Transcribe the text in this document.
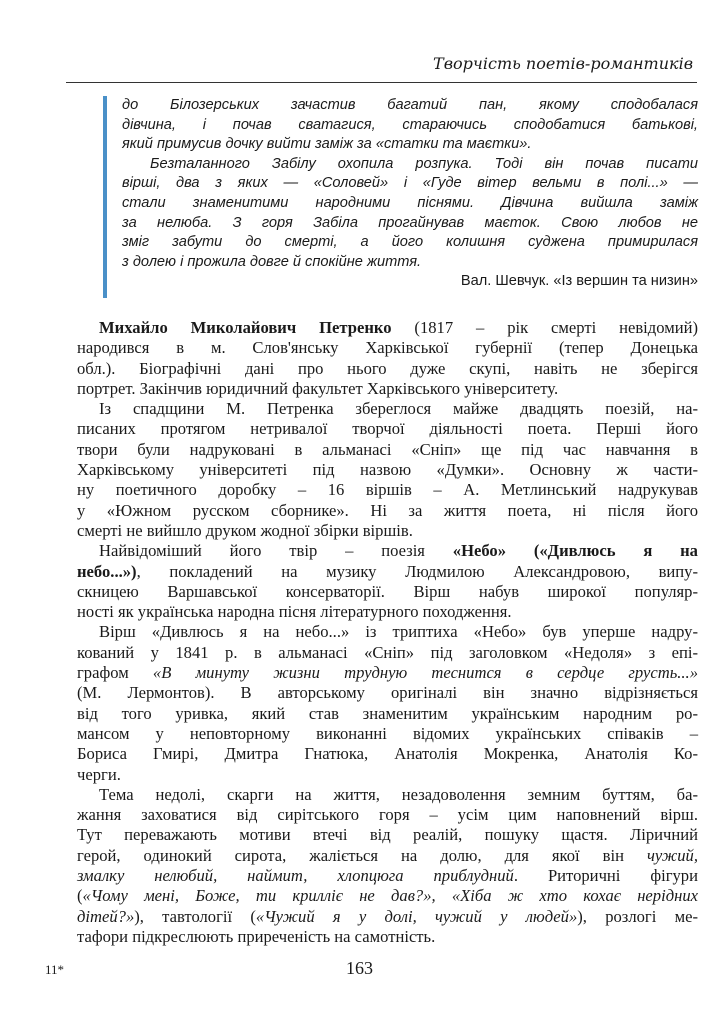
Творчість поетів-романтиків
до Білозерських зачастив багатий пан, якому сподобалася
дівчина, і почав сватагися, стараючись сподобатися батькові,
який примусив дочку вийти заміж за «статки та маєтки».
Безталанного Забілу охопила розпука. Тоді він почав писати
вірші, два з яких — «Соловей» і «Гуде вітер вельми в полі...» —
стали знаменитими народними піснями. Дівчина вийшла заміж
за нелюба. З горя Забіла прогайнував маєток. Свою любов не
зміг забути до смерті, а його колишня суджена примирилася
з долею і прожила довге й спокійне життя.
Вал. Шевчук. «Із вершин та низин»
Михайло Миколайович Петренко (1817 – рік смерті невідомий)
народився в м. Слов'янську Харківської губернії (тепер Донецька
обл.). Біографічні дані про нього дуже скупі, навіть не зберігся
портрет. Закінчив юридичний факультет Харківського університету.
Із спадщини М. Петренка збереглося майже двадцять поезій, на-
писаних протягом нетривалої творчої діяльності поета. Перші його
твори були надруковані в альманасі «Сніп» ще під час навчання в
Харківському університеті під назвою «Думки». Основну ж части-
ну поетичного доробку – 16 віршів – А. Метлинський надрукував
у «Южном русском сборнике». Ні за життя поета, ні після його
смерті не вийшло друком жодної збірки віршів.
Найвідоміший його твір – поезія «Небо» («Дивлюсь я на
небо...»), покладений на музику Людмилою Александровою, випу-
скницею Варшавської консерваторії. Вірш набув широкої популяр-
ності як українська народна пісня літературного походження.
Вірш «Дивлюсь я на небо...» із триптиха «Небо» був уперше надру-
кований у 1841 р. в альманасі «Сніп» під заголовком «Недоля» з епі-
графом «В минуту жизни трудную теснится в сердце грусть...»
(М. Лермонтов). В авторському оригіналі він значно відрізняється
від того уривка, який став знаменитим українським народним ро-
мансом у неповторному виконанні відомих українських співаків –
Бориса Гмирі, Дмитра Гнатюка, Анатолія Мокренка, Анатолія Ко-
черги.
Тема недолі, скарги на життя, незадоволення земним буттям, ба-
жання заховатися від сирітського горя – усім цим наповнений вірш.
Тут переважають мотиви втечі від реалій, пошуку щастя. Ліричний
герой, одинокий сирота, жаліється на долю, для якої він чужий,
змалку нелюбий, наймит, хлопцюга приблудний. Риторичні фігури
(«Чому мені, Боже, ти крилліє не дав?», «Хіба ж хто кохає нерідних
дітей?»), тавтології («Чужий я у долі, чужий у людей»), розлогі ме-
тафори підкреслюють приреченість на самотність.
11*	163
